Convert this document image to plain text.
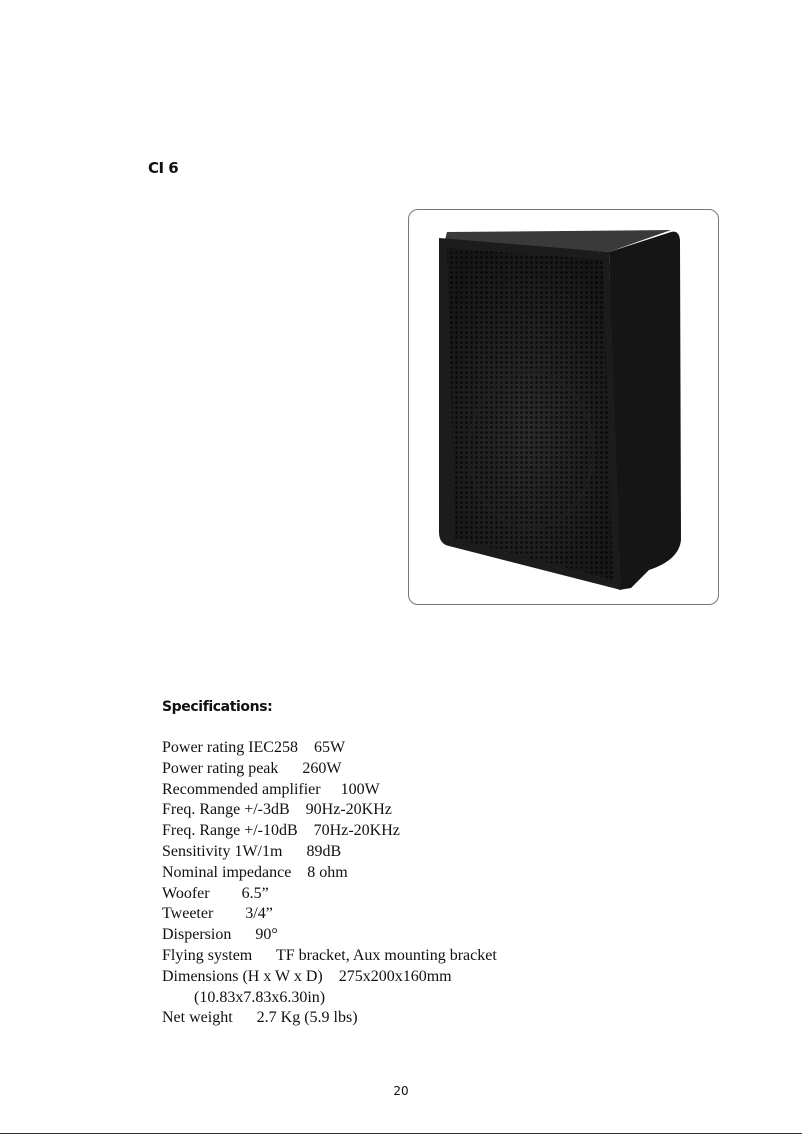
CI 6
Specifications:
Power rating IEC258    65W
Power rating peak      260W
Recommended amplifier     100W
Freq. Range +/-3dB    90Hz-20KHz
Freq. Range +/-10dB    70Hz-20KHz
Sensitivity 1W/1m      89dB
Nominal impedance    8 ohm
Woofer        6.5”
Tweeter        3/4”
Dispersion      90°
Flying system      TF bracket, Aux mounting bracket
Dimensions (H x W x D)    275x200x160mm
(10.83x7.83x6.30in)
Net weight      2.7 Kg (5.9 lbs)
20
